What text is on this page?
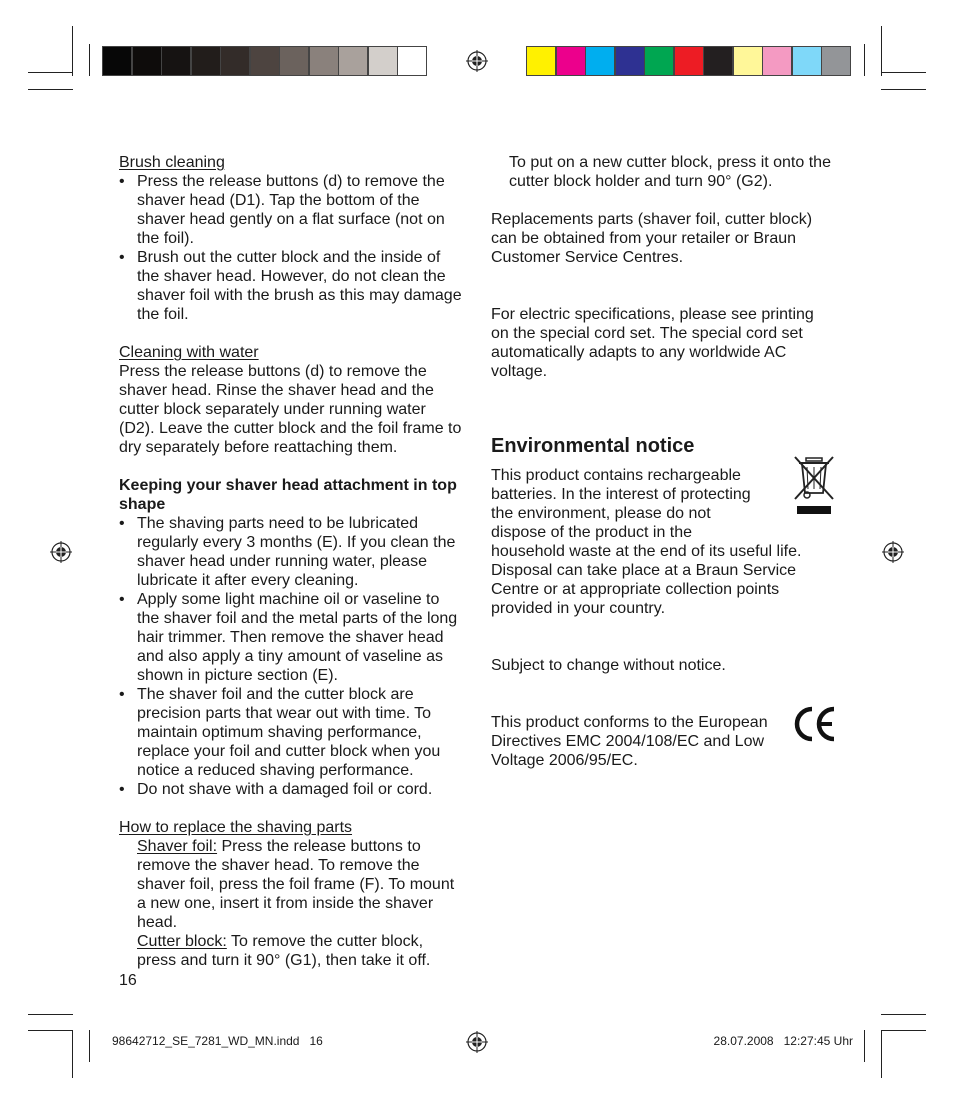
Brush cleaning
• Press the release buttons (d) to remove the shaver head (D1). Tap the bottom of the shaver head gently on a flat surface (not on the foil).
• Brush out the cutter block and the inside of the shaver head. However, do not clean the shaver foil with the brush as this may damage the foil.
Cleaning with water
Press the release buttons (d) to remove the shaver head. Rinse the shaver head and the cutter block separately under running water (D2). Leave the cutter block and the foil frame to dry separately before reattaching them.
Keeping your shaver head attachment in top shape
• The shaving parts need to be lubricated regularly every 3 months (E). If you clean the shaver head under running water, please lubricate it after every cleaning.
• Apply some light machine oil or vaseline to the shaver foil and the metal parts of the long hair trimmer. Then remove the shaver head and also apply a tiny amount of vaseline as shown in picture section (E).
• The shaver foil and the cutter block are precision parts that wear out with time. To maintain optimum shaving performance, replace your foil and cutter block when you notice a reduced shaving performance.
• Do not shave with a damaged foil or cord.
How to replace the shaving parts
Shaver foil: Press the release buttons to remove the shaver head. To remove the shaver foil, press the foil frame (F). To mount a new one, insert it from inside the shaver head.
Cutter block: To remove the cutter block, press and turn it 90° (G1), then take it off.
To put on a new cutter block, press it onto the cutter block holder and turn 90° (G2).
Replacements parts (shaver foil, cutter block) can be obtained from your retailer or Braun Customer Service Centres.
For electric specifications, please see printing on the special cord set. The special cord set automatically adapts to any worldwide AC voltage.
Environmental notice
This product contains rechargeable
batteries. In the interest of protecting
the environment, please do not
dispose of the product in the
household waste at the end of its useful life. Disposal can take place at a Braun Service Centre or at appropriate collection points provided in your country.
Subject to change without notice.
This product conforms to the European Directives EMC 2004/108/EC and Low Voltage 2006/95/EC.
16
98642712_SE_7281_WD_MN.indd   16	28.07.2008   12:27:45 Uhr
